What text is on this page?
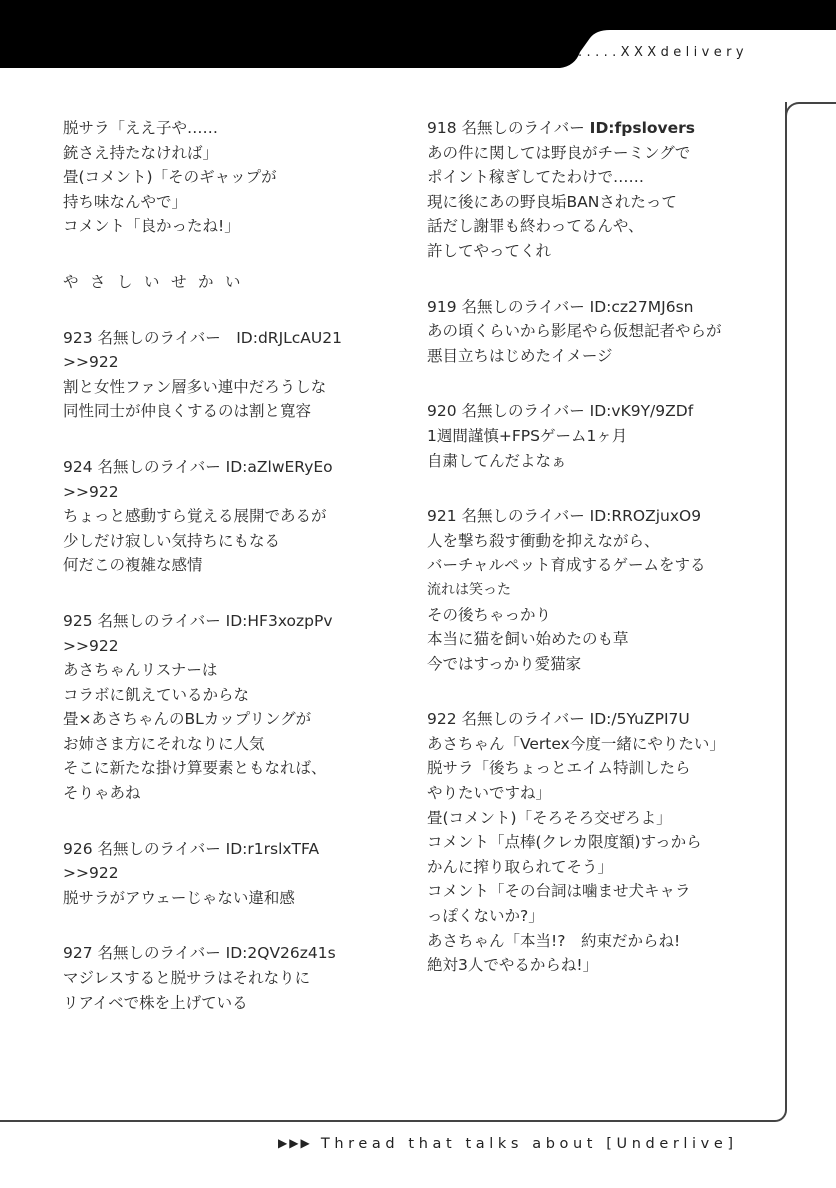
.....XXXdelivery
脱サラ「ええ子や……
銃さえ持たなければ」
畳(コメント)「そのギャップが
持ち味なんやで」
コメント「良かったね!」
やさしいせかい
923 名無しのライバー　ID:dRJLcAU21
>>922
割と女性ファン層多い連中だろうしな
同性同士が仲良くするのは割と寛容
924 名無しのライバー ID:aZlwERyEo
>>922
ちょっと感動すら覚える展開であるが
少しだけ寂しい気持ちにもなる
何だこの複雑な感情
925 名無しのライバー ID:HF3xozpPv
>>922
あさちゃんリスナーは
コラボに飢えているからな
畳×あさちゃんのBLカップリングが
お姉さま方にそれなりに人気
そこに新たな掛け算要素ともなれば、
そりゃあね
926 名無しのライバー ID:r1rslxTFA
>>922
脱サラがアウェーじゃない違和感
927 名無しのライバー ID:2QV26z41s
マジレスすると脱サラはそれなりに
リアイベで株を上げている
918 名無しのライバー ID:fpslovers
あの件に関しては野良がチーミングで
ポイント稼ぎしてたわけで……
現に後にあの野良垢BANされたって
話だし謝罪も終わってるんや、
許してやってくれ
919 名無しのライバー ID:cz27MJ6sn
あの頃くらいから影尾やら仮想記者やらが
悪目立ちはじめたイメージ
920 名無しのライバー ID:vK9Y/9ZDf
1週間謹慎+FPSゲーム1ヶ月
自粛してんだよなぁ
921 名無しのライバー ID:RROZjuxO9
人を撃ち殺す衝動を抑えながら、
バーチャルペット育成するゲームをする
流れは笑った
その後ちゃっかり
本当に猫を飼い始めたのも草
今ではすっかり愛猫家
922 名無しのライバー ID:/5YuZPI7U
あさちゃん「Vertex今度一緒にやりたい」
脱サラ「後ちょっとエイム特訓したら
やりたいですね」
畳(コメント)「そろそろ交ぜろよ」
コメント「点棒(クレカ限度額)すっから
かんに搾り取られてそう」
コメント「その台詞は噛ませ犬キャラ
っぽくないか?」
あさちゃん「本当!?　約束だからね!
絶対3人でやるからね!」
▶▶▶ Thread that talks about [Underlive]
